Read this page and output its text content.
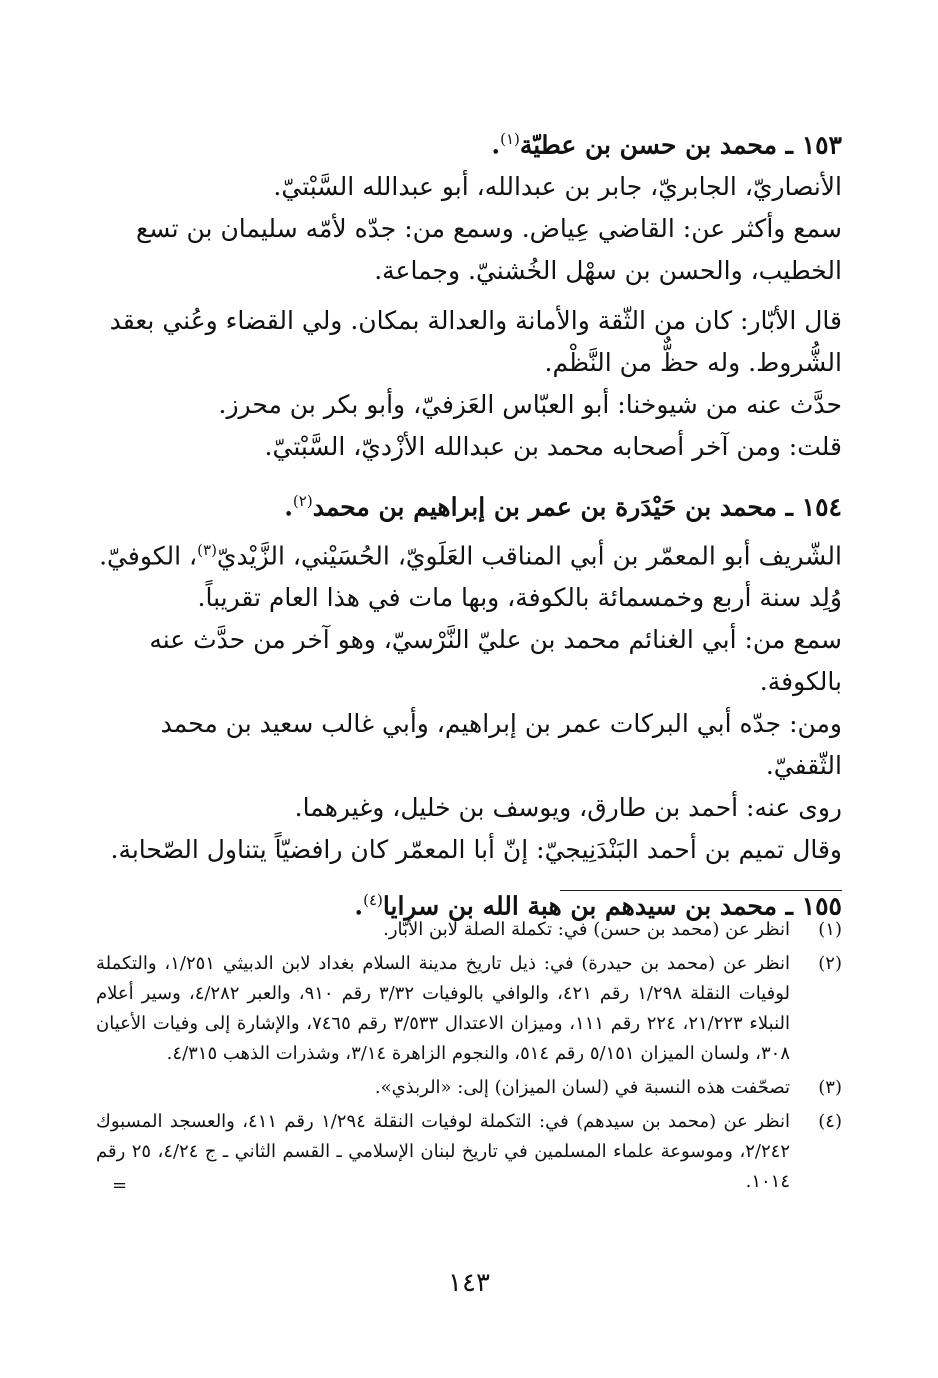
١٥٣ ـ محمد بن حسن بن عطيّة$^{(١)}$.

الأنصاريّ، الجابريّ، جابر بن عبدالله، أبو عبدالله السَّبْتيّ.

سمع وأكثر عن: القاضي عِياض. وسمع من: جدّه لأمّه سليمان بن تسع الخطيب، والحسن بن سهْل الخُشنيّ. وجماعة.

قال الأبّار: كان من الثّقة والأمانة والعدالة بمكان. ولي القضاء وعُني بعقد الشُّروط. وله حظٌّ من النَّظْم.

حدَّث عنه من شيوخنا: أبو العبّاس العَزفيّ، وأبو بكر بن محرز.

قلت: ومن آخر أصحابه محمد بن عبدالله الأزْديّ، السَّبْتيّ.

١٥٤ ـ محمد بن حَيْدَرة بن عمر بن إبراهيم بن محمد$^{(٢)}$.

الشّريف أبو المعمّر بن أبي المناقب العَلَويّ، الحُسَيْني، الزَّيْديّ$^{(٣)}$، الكوفيّ.

وُلِد سنة أربع وخمسمائة بالكوفة، وبها مات في هذا العام تقريباً.

سمع من: أبي الغنائم محمد بن عليّ النَّرْسيّ، وهو آخر من حدَّث عنه بالكوفة.

ومن: جدّه أبي البركات عمر بن إبراهيم، وأبي غالب سعيد بن محمد الثّقفيّ.

روى عنه: أحمد بن طارق، ويوسف بن خليل، وغيرهما.

وقال تميم بن أحمد البَنْدَنِيجيّ: إنّ أبا المعمّر كان رافضيّاً يتناول الصّحابة.

١٥٥ ـ محمد بن سيدهم بن هبة الله بن سرايا$^{(٤)}$.

(١)
انظر عن (محمد بن حسن) في: تكملة الصلة لابن الأبّار.
(٢)
انظر عن (محمد بن حيدرة) في: ذيل تاريخ مدينة السلام بغداد لابن الدبيثي ١/٢٥١، والتكملة لوفيات النقلة ١/٢٩٨ رقم ٤٢١، والوافي بالوفيات ٣/٣٢ رقم ٩١٠، والعبر ٤/٢٨٢، وسير أعلام النبلاء ٢١/٢٢٣، ٢٢٤ رقم ١١١، وميزان الاعتدال ٣/٥٣٣ رقم ٧٤٦٥، والإشارة إلى وفيات الأعيان ٣٠٨، ولسان الميزان ٥/١٥١ رقم ٥١٤، والنجوم الزاهرة ٣/١٤، وشذرات الذهب ٤/٣١٥.
(٣)
تصحّفت هذه النسبة في (لسان الميزان) إلى: «الربذي».
(٤)
انظر عن (محمد بن سيدهم) في: التكملة لوفيات النقلة ١/٢٩٤ رقم ٤١١، والعسجد المسبوك ٢/٢٤٢، وموسوعة علماء المسلمين في تاريخ لبنان الإسلامي ـ القسم الثاني ـ ج ٤/٢٤، ٢٥ رقم ١٠١٤.
=
١٤٣
